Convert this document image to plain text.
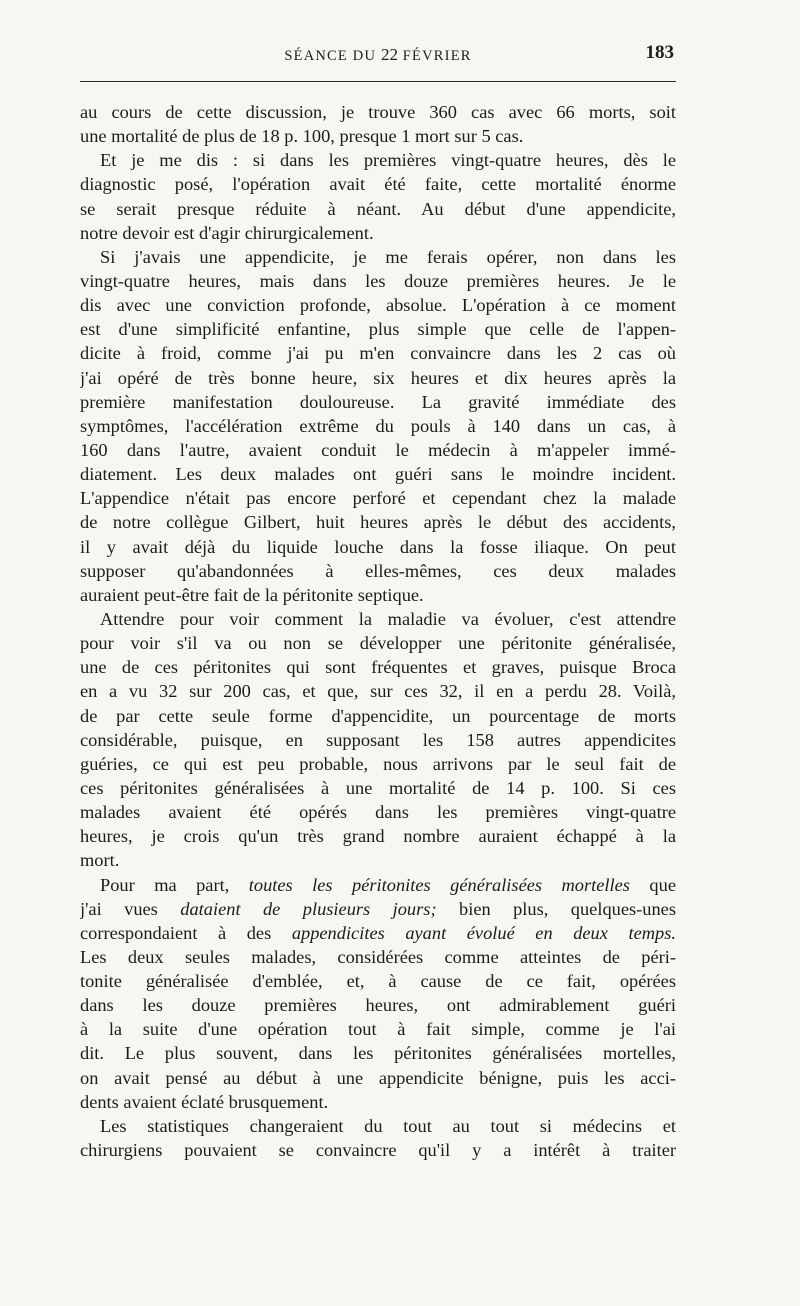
SÉANCE DU 22 FÉVRIER	183
au cours de cette discussion, je trouve 360 cas avec 66 morts, soit
une mortalité de plus de 18 p. 100, presque 1 mort sur 5 cas.
Et je me dis : si dans les premières vingt-quatre heures, dès le
diagnostic posé, l'opération avait été faite, cette mortalité énorme
se serait presque réduite à néant. Au début d'une appendicite,
notre devoir est d'agir chirurgicalement.
Si j'avais une appendicite, je me ferais opérer, non dans les
vingt-quatre heures, mais dans les douze premières heures. Je le
dis avec une conviction profonde, absolue. L'opération à ce moment
est d'une simplificité enfantine, plus simple que celle de l'appen-
dicite à froid, comme j'ai pu m'en convaincre dans les 2 cas où
j'ai opéré de très bonne heure, six heures et dix heures après la
première manifestation douloureuse. La gravité immédiate des
symptômes, l'accélération extrême du pouls à 140 dans un cas, à
160 dans l'autre, avaient conduit le médecin à m'appeler immé-
diatement. Les deux malades ont guéri sans le moindre incident.
L'appendice n'était pas encore perforé et cependant chez la malade
de notre collègue Gilbert, huit heures après le début des accidents,
il y avait déjà du liquide louche dans la fosse iliaque. On peut
supposer qu'abandonnées à elles-mêmes, ces deux malades
auraient peut-être fait de la péritonite septique.
Attendre pour voir comment la maladie va évoluer, c'est attendre
pour voir s'il va ou non se développer une péritonite généralisée,
une de ces péritonites qui sont fréquentes et graves, puisque Broca
en a vu 32 sur 200 cas, et que, sur ces 32, il en a perdu 28. Voilà,
de par cette seule forme d'appencidite, un pourcentage de morts
considérable, puisque, en supposant les 158 autres appendicites
guéries, ce qui est peu probable, nous arrivons par le seul fait de
ces péritonites généralisées à une mortalité de 14 p. 100. Si ces
malades avaient été opérés dans les premières vingt-quatre
heures, je crois qu'un très grand nombre auraient échappé à la
mort.
Pour ma part, toutes les péritonites généralisées mortelles que
j'ai vues dataient de plusieurs jours; bien plus, quelques-unes
correspondaient à des appendicites ayant évolué en deux temps.
Les deux seules malades, considérées comme atteintes de péri-
tonite généralisée d'emblée, et, à cause de ce fait, opérées
dans les douze premières heures, ont admirablement guéri
à la suite d'une opération tout à fait simple, comme je l'ai
dit. Le plus souvent, dans les péritonites généralisées mortelles,
on avait pensé au début à une appendicite bénigne, puis les acci-
dents avaient éclaté brusquement.
Les statistiques changeraient du tout au tout si médecins et
chirurgiens pouvaient se convaincre qu'il y a intérêt à traiter
